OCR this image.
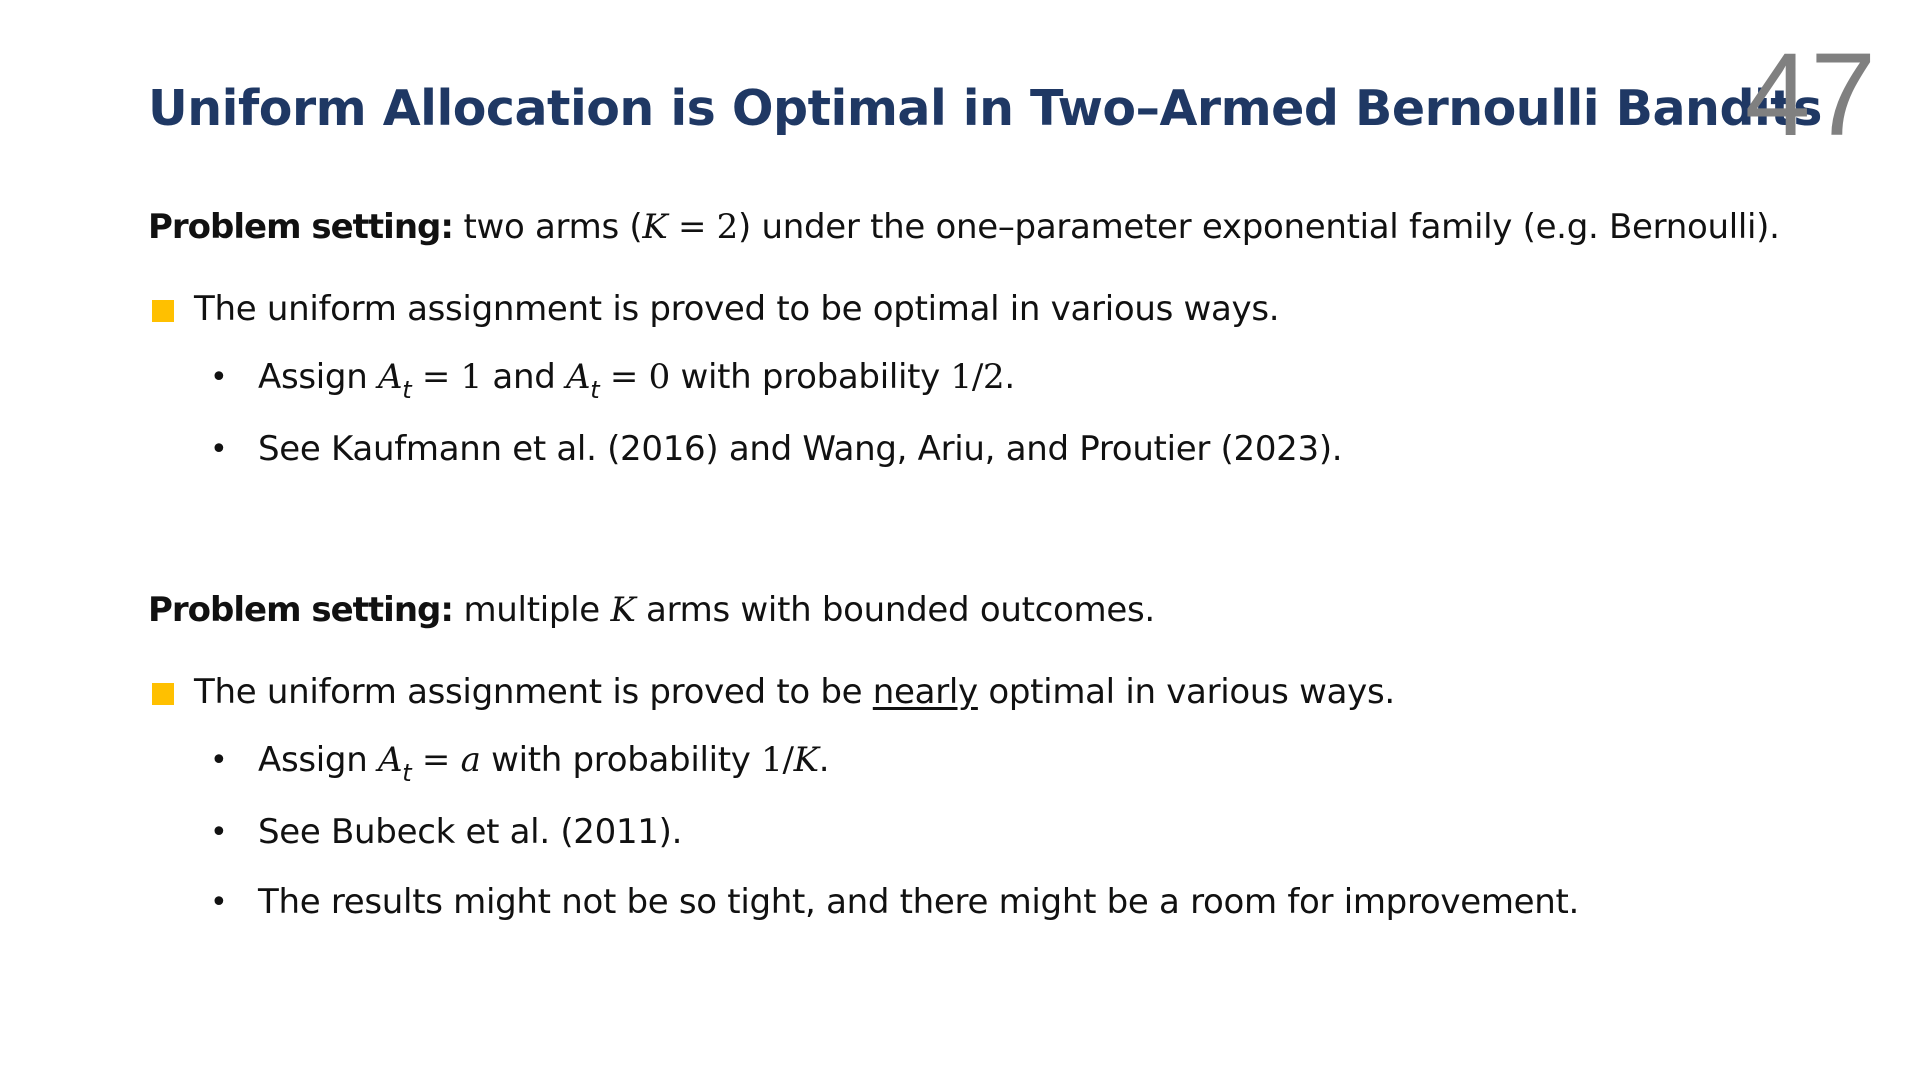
Uniform Allocation is Optimal in Two–Armed Bernoulli Bandits
47
Problem setting: two arms (K = 2) under the one–parameter exponential family (e.g. Bernoulli).
The uniform assignment is proved to be optimal in various ways.
• Assign $A_t = 1$ and $A_t = 0$ with probability 1/2.
• See Kaufmann et al. (2016) and Wang, Ariu, and Proutier (2023).
Problem setting: multiple K arms with bounded outcomes.
The uniform assignment is proved to be nearly optimal in various ways.
• Assign $A_t = a$ with probability 1/K.
• See Bubeck et al. (2011).
• The results might not be so tight, and there might be a room for improvement.
